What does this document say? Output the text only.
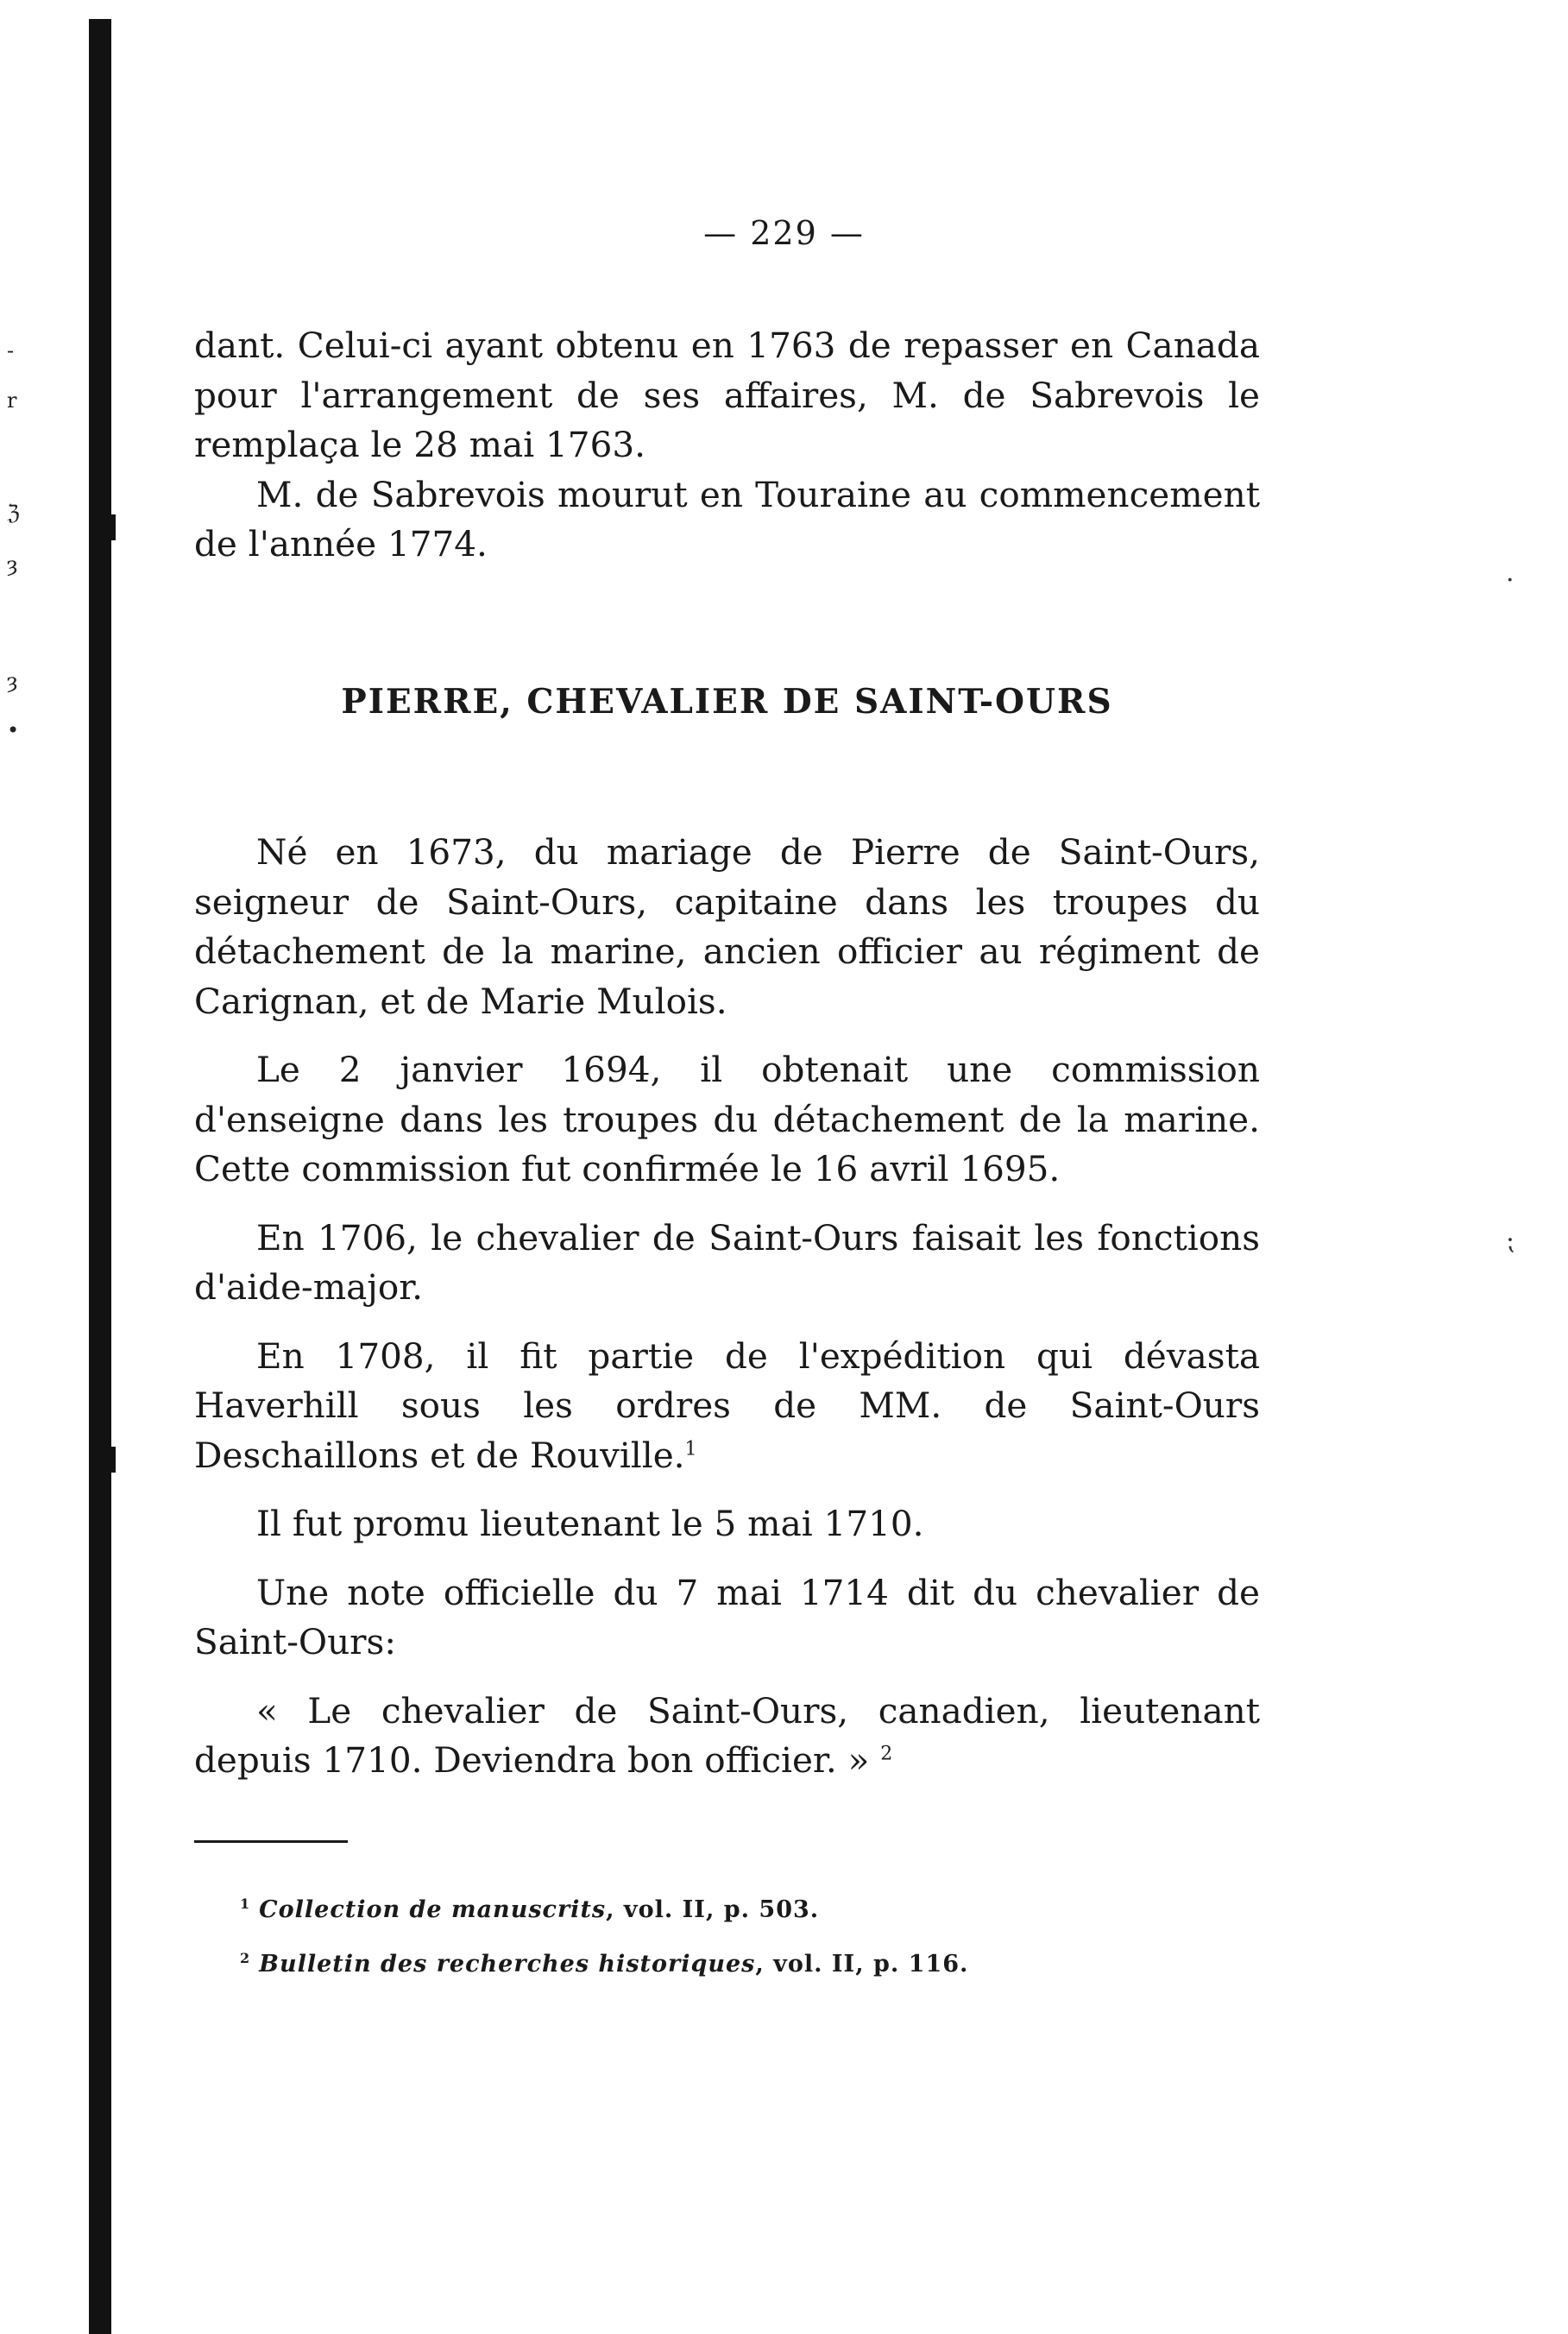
-
r
ℨ
ȝ
ȝ
•
— 229 —

dant. Celui-ci ayant obtenu en 1763 de repasser en Canada pour l'arrangement de ses affaires, M. de Sabrevois le remplaça le 28 mai 1763.

M. de Sabrevois mourut en Touraine au commencement de l'année 1774.

PIERRE, CHEVALIER DE SAINT-OURS

Né en 1673, du mariage de Pierre de Saint-Ours, seigneur de Saint-Ours, capitaine dans les troupes du détachement de la marine, ancien officier au régiment de Carignan, et de Marie Mulois.

Le 2 janvier 1694, il obtenait une commission d'enseigne dans les troupes du détachement de la marine. Cette commission fut confirmée le 16 avril 1695.

En 1706, le chevalier de Saint-Ours faisait les fonctions d'aide-major.

En 1708, il fit partie de l'expédition qui dévasta Haverhill sous les ordres de MM. de Saint-Ours Deschaillons et de Rouville.$^1$

Il fut promu lieutenant le 5 mai 1710.

Une note officielle du 7 mai 1714 dit du chevalier de Saint-Ours:

« Le chevalier de Saint-Ours, canadien, lieutenant depuis 1710. Deviendra bon officier. » $^2$

$^1$ Collection de manuscrits, vol. II, p. 503.

$^2$ Bulletin des recherches historiques, vol. II, p. 116.

·
⁏
